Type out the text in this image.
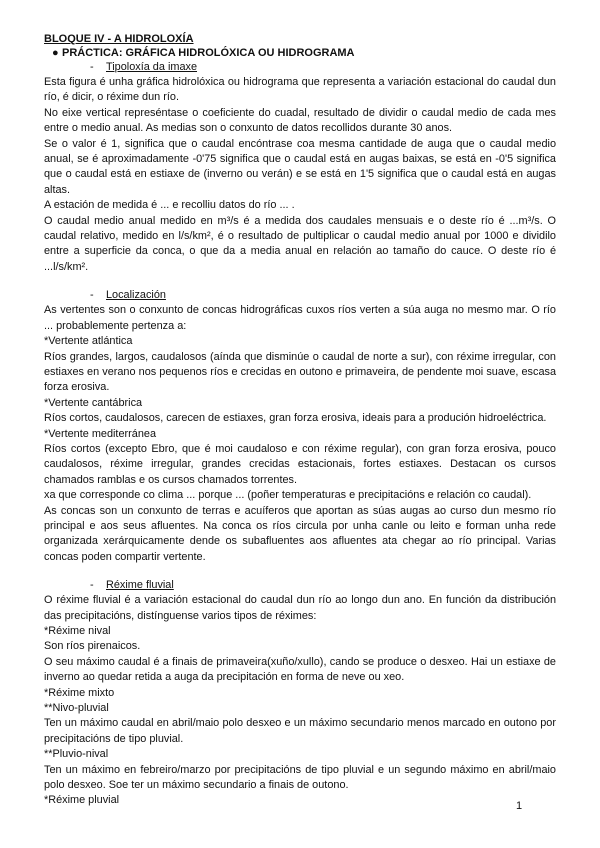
BLOQUE IV - A HIDROLOXÍA

● PRÁCTICA: GRÁFICA HIDROLÓXICA OU HIDROGRAMA

- Tipoloxía da imaxe

Esta figura é unha gráfica hidrolóxica ou hidrograma que representa a variación estacional do caudal dun río, é dicir, o réxime dun río.

No eixe vertical represéntase o coeficiente do cuadal, resultado de dividir o caudal medio de cada mes entre o medio anual. As medias son o conxunto de datos recollidos durante 30 anos.

Se o valor é 1, significa que o caudal encóntrase coa mesma cantidade de auga que o caudal medio anual, se é aproximadamente -0'75 significa que o caudal está en augas baixas, se está en -0'5 significa que o caudal está en estiaxe de (inverno ou verán) e se está en 1'5 significa que o caudal está en augas altas.

A estación de medida é ... e recolliu datos do río ... .

O caudal medio anual medido en m³/s é a medida dos caudales mensuais e o deste río é ...m³/s. O caudal relativo, medido en l/s/km², é o resultado de pultiplicar o caudal medio anual por 1000 e dividilo entre a superficie da conca, o que da a media anual en relación ao tamaño do cauce. O deste río é ...l/s/km².

- Localización

As vertentes son o conxunto de concas hidrográficas cuxos ríos verten a súa auga no mesmo mar. O río ... probablemente pertenza a:

*Vertente atlántica

Ríos grandes, largos, caudalosos (aínda que disminúe o caudal de norte a sur), con réxime irregular, con estiaxes en verano nos pequenos ríos e crecidas en outono e primaveira, de pendente moi suave, escasa forza erosiva.

*Vertente cantábrica

Ríos cortos, caudalosos, carecen de estiaxes, gran forza erosiva, ideais para a produción hidroeléctrica.

*Vertente mediterránea

Ríos cortos (excepto Ebro, que é moi caudaloso e con réxime regular), con gran forza erosiva, pouco caudalosos, réxime irregular, grandes crecidas estacionais, fortes estiaxes. Destacan os cursos chamados ramblas e os cursos chamados torrentes.

xa que corresponde co clima ... porque ... (poñer temperaturas e precipitacións e relación co caudal).

As concas son un conxunto de terras e acuíferos que aportan as súas augas ao curso dun mesmo río principal e aos seus afluentes. Na conca os ríos circula por unha canle ou leito e forman unha rede organizada xerárquicamente dende os subafluentes aos afluentes ata chegar ao río principal. Varias concas poden compartir vertente.

- Réxime fluvial

O réxime fluvial é a variación estacional do caudal dun río ao longo dun ano. En función da distribución das precipitacións, distínguense varios tipos de réximes:

*Réxime nival

Son ríos pirenaicos.

O seu máximo caudal é a finais de primaveira(xuño/xullo), cando se produce o desxeo. Hai un estiaxe de inverno ao quedar retida a auga da precipitación en forma de neve ou xeo.

*Réxime mixto

**Nivo-pluvial

Ten un máximo caudal en abril/maio polo desxeo e un máximo secundario menos marcado en outono por precipitacións de tipo pluvial.

**Pluvio-nival

Ten un máximo en febreiro/marzo por precipitacións de tipo pluvial e un segundo máximo en abril/maio polo desxeo. Soe ter un máximo secundario a finais de outono.

*Réxime pluvial	1
